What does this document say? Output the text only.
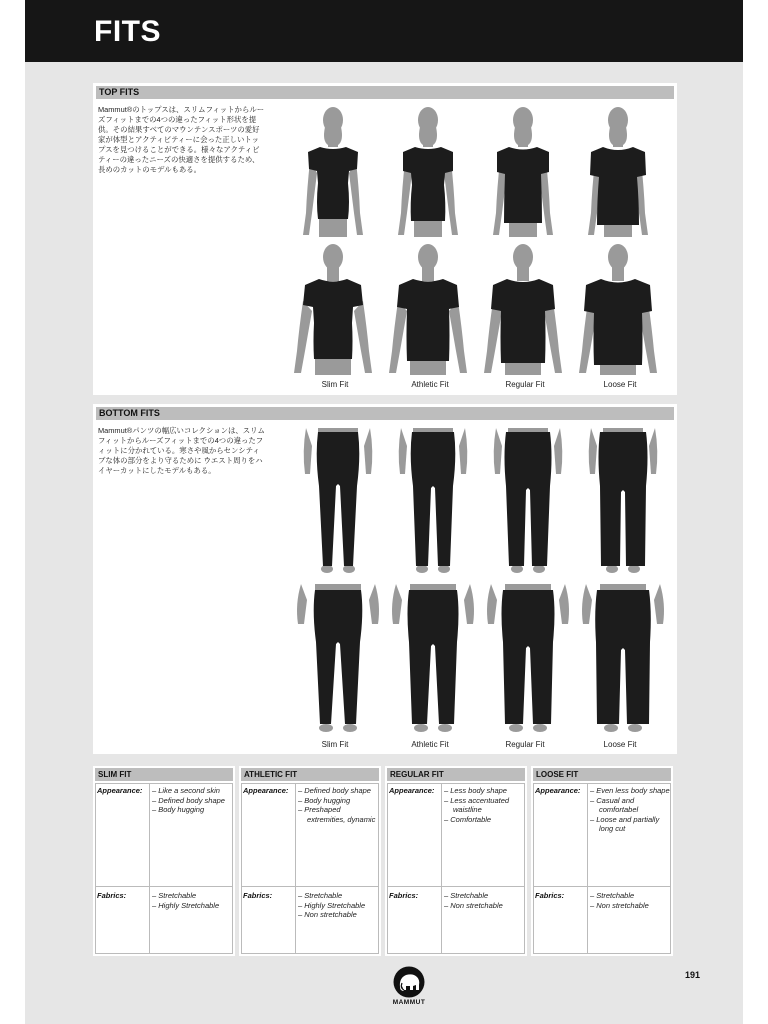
FITS
TOP FITS
Mammut®のトップスは、スリムフィットからルーズフィットまでの4つの違ったフィット形状を提供。その結果すべてのマウンテンスポーツの愛好家が体型とアクティビティーに会った正しいトップスを見つけることができる。様々なアクティビティーの違ったニーズの快適さを提供するため、長めのカットのモデルもある。
Slim Fit	Athletic Fit	Regular Fit	Loose Fit
BOTTOM FITS
Mammut®パンツの幅広いコレクションは、スリムフィットからルーズフィットまでの4つの違ったフィットに分かれている。寒さや風からセンシティブな体の部分をより守るために ウエスト周りをハイヤーカットにしたモデルもある。
Slim Fit	Athletic Fit	Regular Fit	Loose Fit
SLIM FIT
Appearance: – Like a second skin
– Defined body shape
– Body hugging
Fabrics:	– Stretchable
– Highly Stretchable
ATHLETIC FIT
Appearance: – Defined body shape
– Body hugging
– Preshaped extremities, dynamic
Fabrics:	– Stretchable
– Highly Stretchable
– Non stretchable
REGULAR FIT
Appearance: – Less body shape
– Less accentuated waistline
– Comfortable
Fabrics:	– Stretchable
– Non stretchable
LOOSE FIT
Appearance: – Even less body shape
– Casual and comfortabel
– Loose and partially long cut
Fabrics:	– Stretchable
– Non stretchable
MAMMUT
191
